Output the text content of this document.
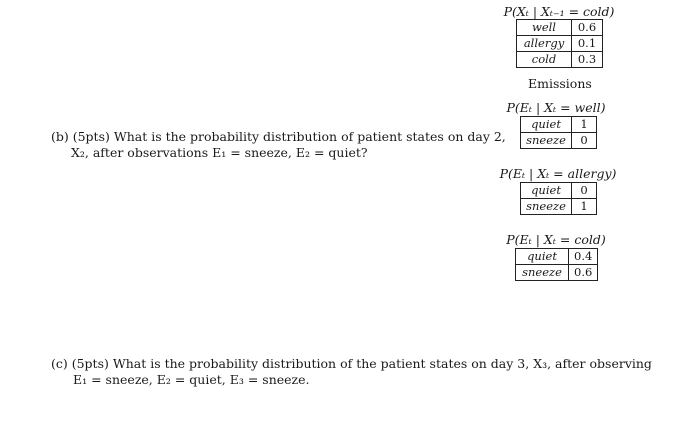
P(Xₜ | Xₜ₋₁ = cold)
well	0.6
allergy	0.1
cold	0.3
Emissions
P(Eₜ | Xₜ = well)
quiet	1
sneeze	0
(b) (5pts) What is the probability distribution of patient states on day 2,
X₂, after observations E₁ = sneeze, E₂ = quiet?
P(Eₜ | Xₜ = allergy)
quiet	0
sneeze	1
P(Eₜ | Xₜ = cold)
quiet	0.4
sneeze	0.6
(c) (5pts) What is the probability distribution of the patient states on day 3, X₃, after observing
E₁ = sneeze, E₂ = quiet, E₃ = sneeze.
